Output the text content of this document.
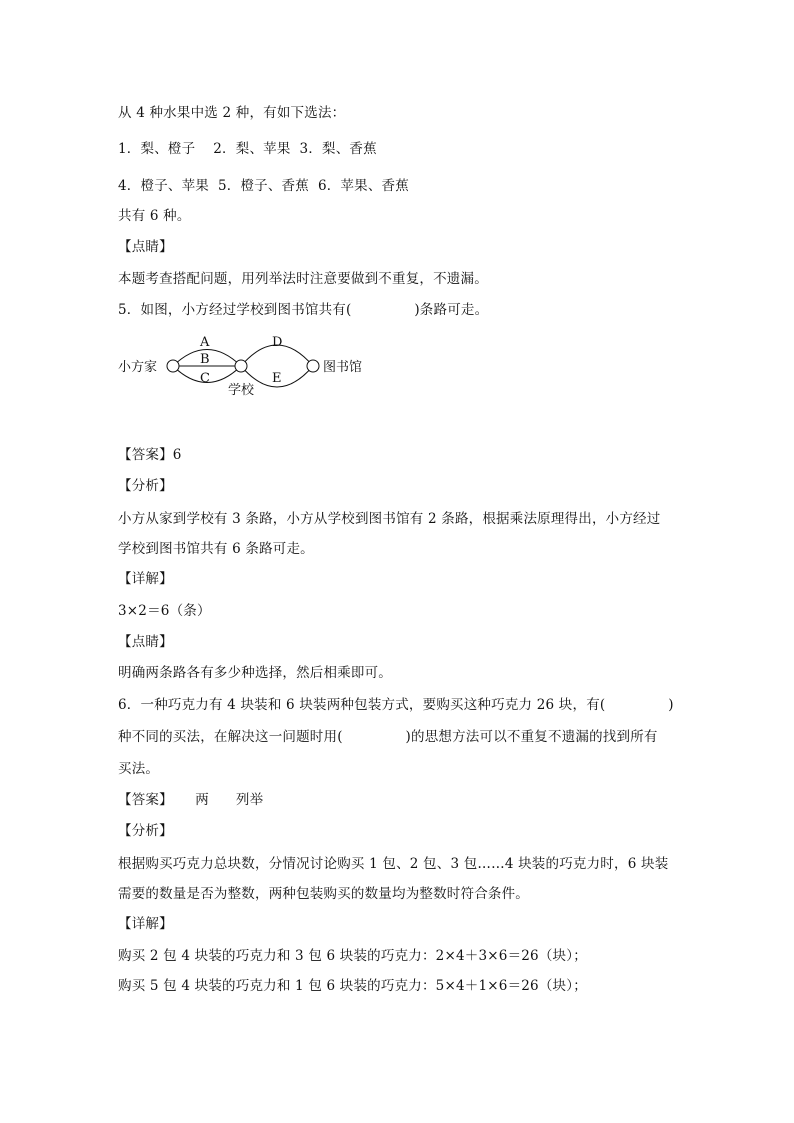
从 4 种水果中选 2 种，有如下选法：
1．梨、橙子    2．梨、苹果  3．梨、香蕉
4．橙子、苹果  5．橙子、香蕉  6．苹果、香蕉
共有 6 种。
【点睛】
本题考查搭配问题，用列举法时注意要做到不重复，不遗漏。
5．如图，小方经过学校到图书馆共有(              )条路可走。
小方家
学校
图书馆
A
B
C
D
E
【答案】6
【分析】
小方从家到学校有 3 条路，小方从学校到图书馆有 2 条路，根据乘法原理得出，小方经过
学校到图书馆共有 6 条路可走。
【详解】
3×2＝6（条）
【点睛】
明确两条路各有多少种选择，然后相乘即可。
6．一种巧克力有 4 块装和 6 块装两种包装方式，要购买这种巧克力 26 块，有(              )
种不同的买法，在解决这一问题时用(              )的思想方法可以不重复不遗漏的找到所有
买法。
【答案】     两      列举
【分析】
根据购买巧克力总块数，分情况讨论购买 1 包、2 包、3 包……4 块装的巧克力时，6 块装
需要的数量是否为整数，两种包装购买的数量均为整数时符合条件。
【详解】
购买 2 包 4 块装的巧克力和 3 包 6 块装的巧克力：2×4＋3×6＝26（块）；
购买 5 包 4 块装的巧克力和 1 包 6 块装的巧克力：5×4＋1×6＝26（块）；
